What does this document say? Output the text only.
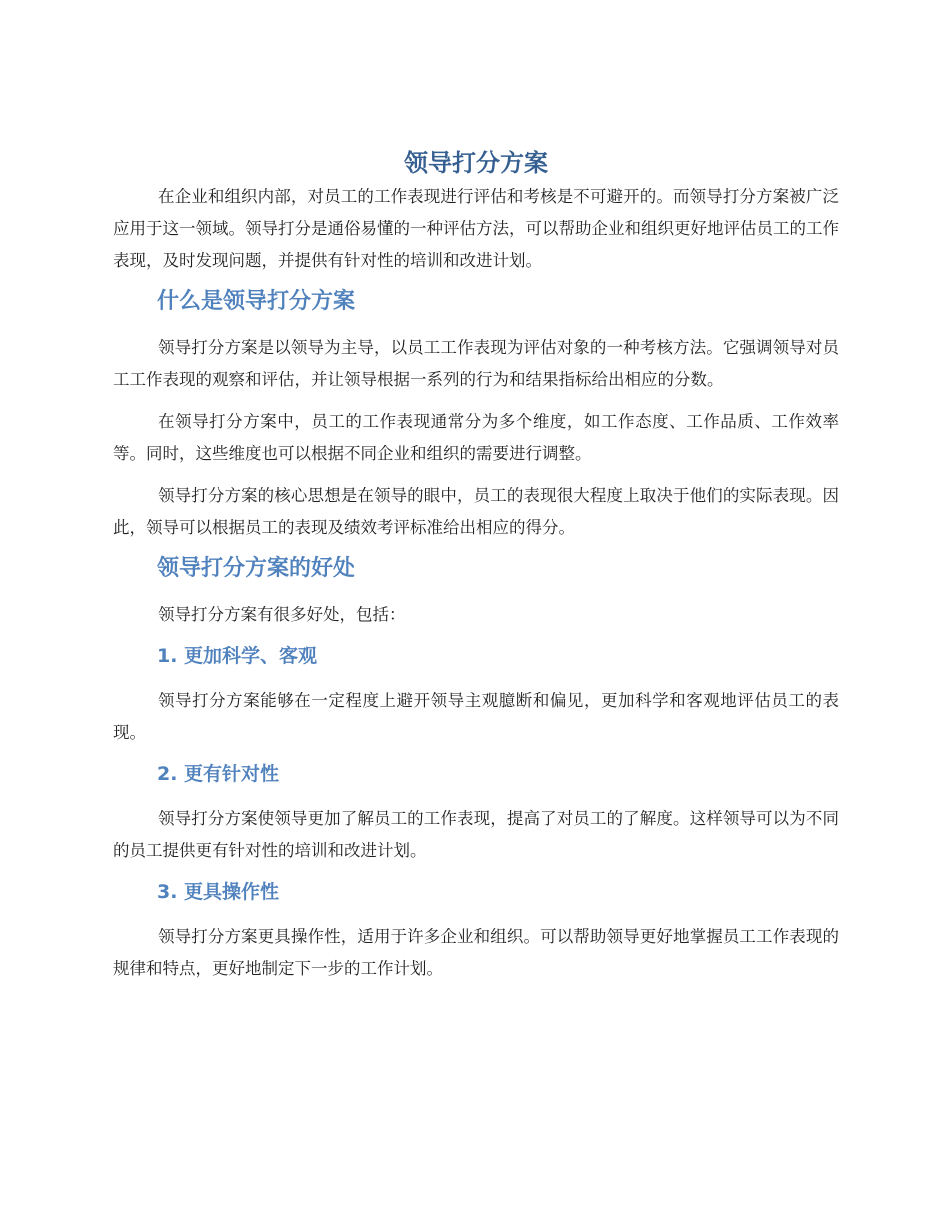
领导打分方案

在企业和组织内部，对员工的工作表现进行评估和考核是不可避开的。而领导打分方案被广泛应用于这一领域。领导打分是通俗易懂的一种评估方法，可以帮助企业和组织更好地评估员工的工作表现，及时发现问题，并提供有针对性的培训和改进计划。

什么是领导打分方案

领导打分方案是以领导为主导，以员工工作表现为评估对象的一种考核方法。它强调领导对员工工作表现的观察和评估，并让领导根据一系列的行为和结果指标给出相应的分数。

在领导打分方案中，员工的工作表现通常分为多个维度，如工作态度、工作品质、工作效率等。同时，这些维度也可以根据不同企业和组织的需要进行调整。

领导打分方案的核心思想是在领导的眼中，员工的表现很大程度上取决于他们的实际表现。因此，领导可以根据员工的表现及绩效考评标准给出相应的得分。

领导打分方案的好处

领导打分方案有很多好处，包括：

1. 更加科学、客观

领导打分方案能够在一定程度上避开领导主观臆断和偏见，更加科学和客观地评估员工的表现。

2. 更有针对性

领导打分方案使领导更加了解员工的工作表现，提高了对员工的了解度。这样领导可以为不同的员工提供更有针对性的培训和改进计划。

3. 更具操作性

领导打分方案更具操作性，适用于许多企业和组织。可以帮助领导更好地掌握员工工作表现的规律和特点，更好地制定下一步的工作计划。
